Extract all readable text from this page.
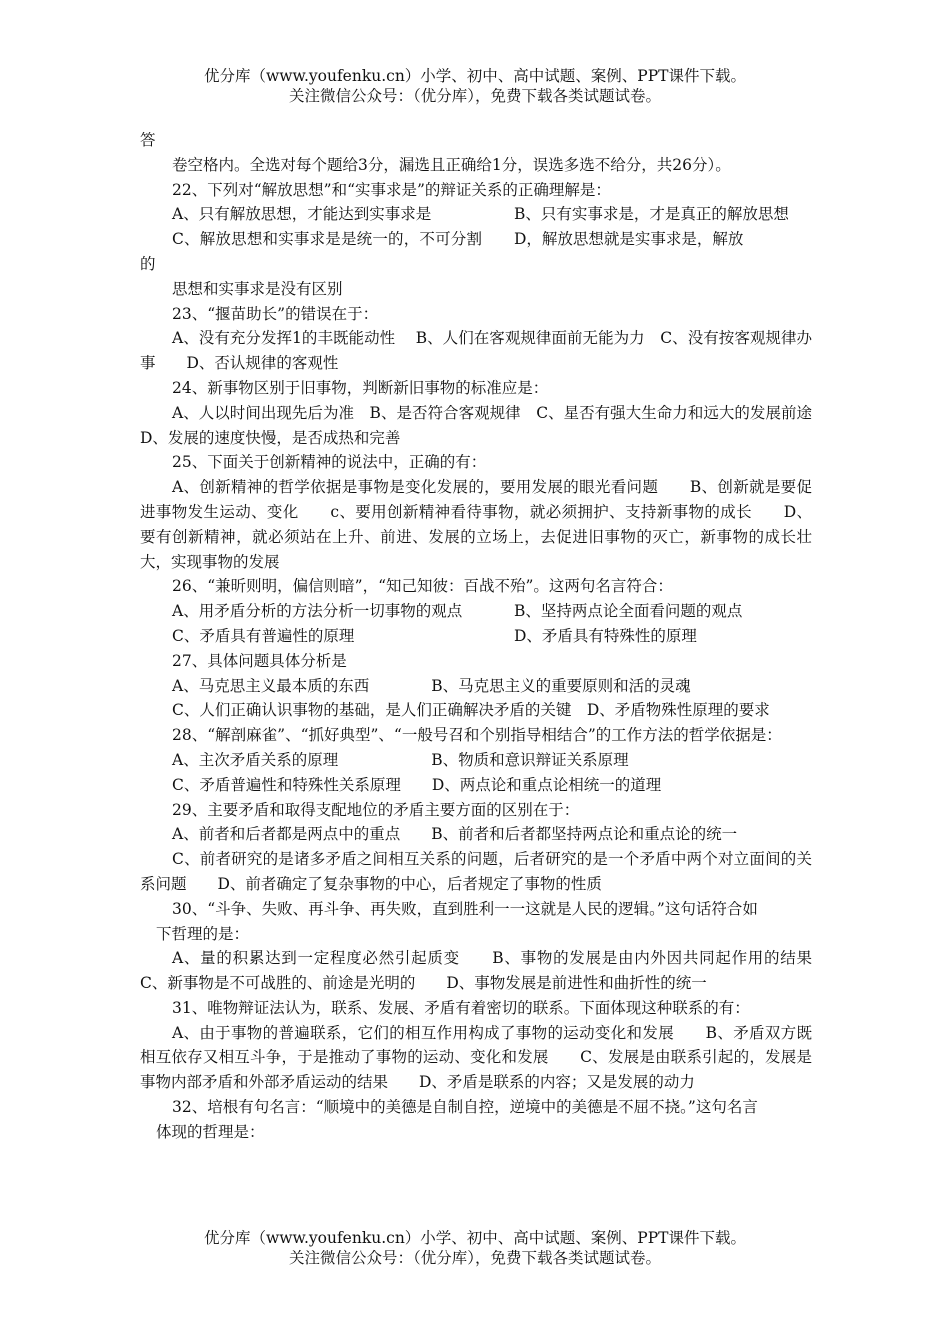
优分库（www.youfenku.cn）小学、初中、高中试题、案例、PPT课件下载。
关注微信公众号：（优分库），免费下载各类试题试卷。

答

卷空格内。全选对每个题给3分，漏选且正确给1分，误选多选不给分，共26分）。

22、下列对“解放思想”和“实事求是”的辩证关系的正确理解是：

A、只有解放思想，才能达到实事求是	B、只有实事求是，才是真正的解放思想

C、解放思想和实事求是是统一的，不可分割的
D，解放思想就是实事求是，解放

思想和实事求是没有区别

23、“揠苗助长”的错误在于：

A、没有充分发挥1的丰既能动性　 B、人们在客观规律面前无能为力　C、没有按客观规律办事　　D、否认规律的客观性

24、新事物区别于旧事物，判断新旧事物的标准应是：

A、人以时间出现先后为准　B、是否符合客观规律　C、星否有强大生命力和远大的发展前途　　D、发展的速度快慢，是否成热和完善

25、下面关于创新精神的说法中，正确的有：

A、创新精神的哲学依据是事物是变化发展的，要用发展的眼光看问题　　B、创新就是要促进事物发生运动、变化　　c、要用创新精神看待事物，就必须拥护、支持新事物的成长　　D、要有创新精神，就必须站在上升、前进、发展的立场上，去促进旧事物的灭亡，新事物的成长壮大，实现事物的发展

26、“兼昕则明，偏信则暗”，“知己知彼：百战不殆”。这两句名言符合：

A、用矛盾分析的方法分析一切事物的观点	B、坚持两点论全面看问题的观点

C、矛盾具有普遍性的原理	D、矛盾具有特殊性的原理

27、具体问题具体分析是

A、马克思主义最本质的东西　　　　B、马克思主义的重要原则和活的灵魂

C、人们正确认识事物的基础，是人们正确解决矛盾的关键　D、矛盾物殊性原理的要求

28、“解剖麻雀”、“抓好典型”、“一般号召和个别指导相结合”的工作方法的哲学依据是：

A、主次矛盾关系的原理　　　　　　B、物质和意识辩证关系原理

C、矛盾普遍性和特殊性关系原理　　D、两点论和重点论相统一的道理

29、主要矛盾和取得支配地位的矛盾主要方面的区别在于：

A、前者和后者都是两点中的重点　　B、前者和后者都坚持两点论和重点论的统一

C、前者研究的是诸多矛盾之间相互关系的问题，后者研究的是一个矛盾中两个对立面间的关系问题　　D、前者确定了复杂事物的中心，后者规定了事物的性质

30、“斗争、失败、再斗争、再失败，直到胜利一一这就是人民的逻辑。”这句话符合如

下哲理的是：

A、量的积累达到一定程度必然引起质变　　B、事物的发展是由内外因共同起作用的结果　 C、新事物是不可战胜的、前途是光明的　　D、事物发展是前进性和曲折性的统一

31、唯物辩证法认为，联系、发展、矛盾有着密切的联系。下面体现这种联系的有：

A、由于事物的普遍联系，它们的相互作用构成了事物的运动变化和发展　　B、矛盾双方既相互依存又相互斗争，于是推动了事物的运动、变化和发展　　C、发展是由联系引起的，发展是事物内部矛盾和外部矛盾运动的结果　　D、矛盾是联系的内容；又是发展的动力

32、培根有句名言：“顺境中的美德是自制自控，逆境中的美德是不屈不挠。”这句名言

体现的哲理是：

优分库（www.youfenku.cn）小学、初中、高中试题、案例、PPT课件下载。
关注微信公众号：（优分库），免费下载各类试题试卷。
